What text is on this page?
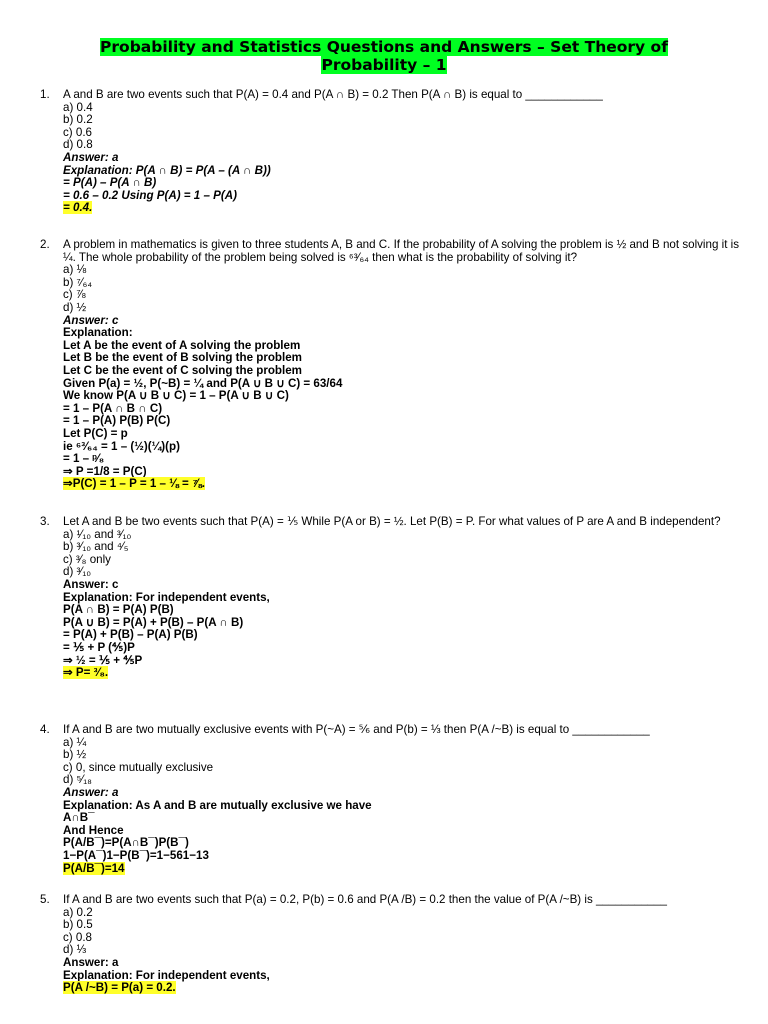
Probability and Statistics Questions and Answers – Set Theory of Probability – 1
1. A and B are two events such that P(A) = 0.4 and P(A ∩ B) = 0.2 Then P(A ∩ B) is equal to ____________
a) 0.4
b) 0.2
c) 0.6
d) 0.8
Answer: a
Explanation: P(A ∩ B) = P(A – (A ∩ B))
= P(A) – P(A ∩ B)
= 0.6 – 0.2 Using P(A) = 1 – P(A)
= 0.4.
2. A problem in mathematics is given to three students A, B and C. If the probability of A solving the problem is ½ and B not solving it is ¼. The whole probability of the problem being solved is ⁶³⁄₆₄ then what is the probability of solving it?
a) ⅛
b) ⁷⁄₆₄
c) ⅞
d) ½
Answer: c
Explanation:
Let A be the event of A solving the problem
Let B be the event of B solving the problem
Let C be the event of C solving the problem
Given P(a) = ½, P(~B) = ¼ and P(A ∪ B ∪ C) = 63/64
We know P(A ∪ B ∪ C) = 1 – P(A ∪ B ∪ C)
= 1 – P(A ∩ B ∩ C)
= 1 – P(A) P(B) P(C)
Let P(C) = p
ie ⁶³⁄₆₄ = 1 – (½)(¼)(p)
= 1 – ᵖ⁄₈
⇒ P =1/8 = P(C)
⇒P(C) = 1 – P = 1 – ⅛ = ⅞.
3. Let A and B be two events such that P(A) = ⅕ While P(A or B) = ½. Let P(B) = P. For what values of P are A and B independent?
a) ¹⁄₁₀ and ³⁄₁₀
b) ³⁄₁₀ and ⁴⁄₅
c) ³⁄₈ only
d) ³⁄₁₀
Answer: c
Explanation: For independent events,
P(A ∩ B) = P(A) P(B)
P(A ∪ B) = P(A) + P(B) – P(A ∩ B)
= P(A) + P(B) – P(A) P(B)
= ⅕ + P (⅘)P
⇒ ½ = ⅕ + ⅘P
⇒ P= ³⁄₈.
4. If A and B are two mutually exclusive events with P(~A) = ⅚ and P(b) = ⅓ then P(A /~B) is equal to ____________
a) ¼
b) ½
c) 0, since mutually exclusive
d) ⁵⁄₁₈
Answer: a
Explanation: As A and B are mutually exclusive we have
A∩B¯
And Hence
P(A/B¯)=P(A∩B¯)P(B¯)
1−P(A¯)1−P(B¯)=1−561−13
P(A/B¯)=14
5. If A and B are two events such that P(a) = 0.2, P(b) = 0.6 and P(A /B) = 0.2 then the value of P(A /~B) is ___________
a) 0.2
b) 0.5
c) 0.8
d) ⅓
Answer: a
Explanation: For independent events,
P(A /~B) = P(a) = 0.2.
